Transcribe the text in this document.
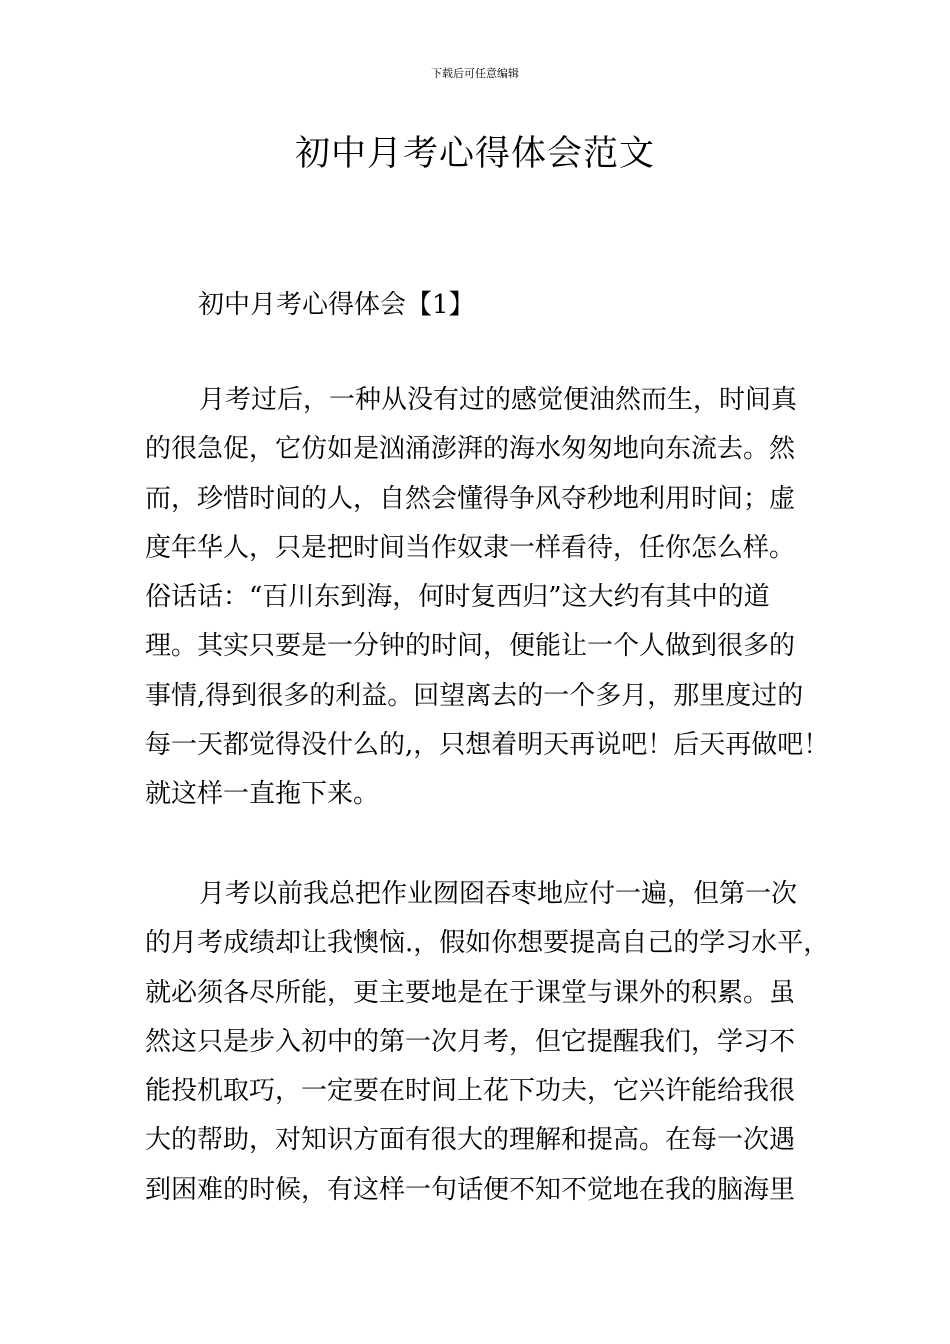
下载后可任意编辑
初中月考心得体会范文
初中月考心得体会【1】
月考过后，一种从没有过的感觉便油然而生，时间真
的很急促，它仿如是汹涌澎湃的海水匆匆地向东流去。然
而，珍惜时间的人，自然会懂得争风夺秒地利用时间；虚
度年华人，只是把时间当作奴隶一样看待，任你怎么样。
俗话话：“百川东到海，何时复西归”这大约有其中的道
理。其实只要是一分钟的时间，便能让一个人做到很多的
事情,得到很多的利益。回望离去的一个多月，那里度过的
每一天都觉得没什么的,，只想着明天再说吧！后天再做吧！
就这样一直拖下来。
月考以前我总把作业囫囵吞枣地应付一遍，但第一次
的月考成绩却让我懊恼.，假如你想要提高自己的学习水平，
就必须各尽所能，更主要地是在于课堂与课外的积累。虽
然这只是步入初中的第一次月考，但它提醒我们，学习不
能投机取巧，一定要在时间上花下功夫，它兴许能给我很
大的帮助，对知识方面有很大的理解和提高。在每一次遇
到困难的时候，有这样一句话便不知不觉地在我的脑海里
